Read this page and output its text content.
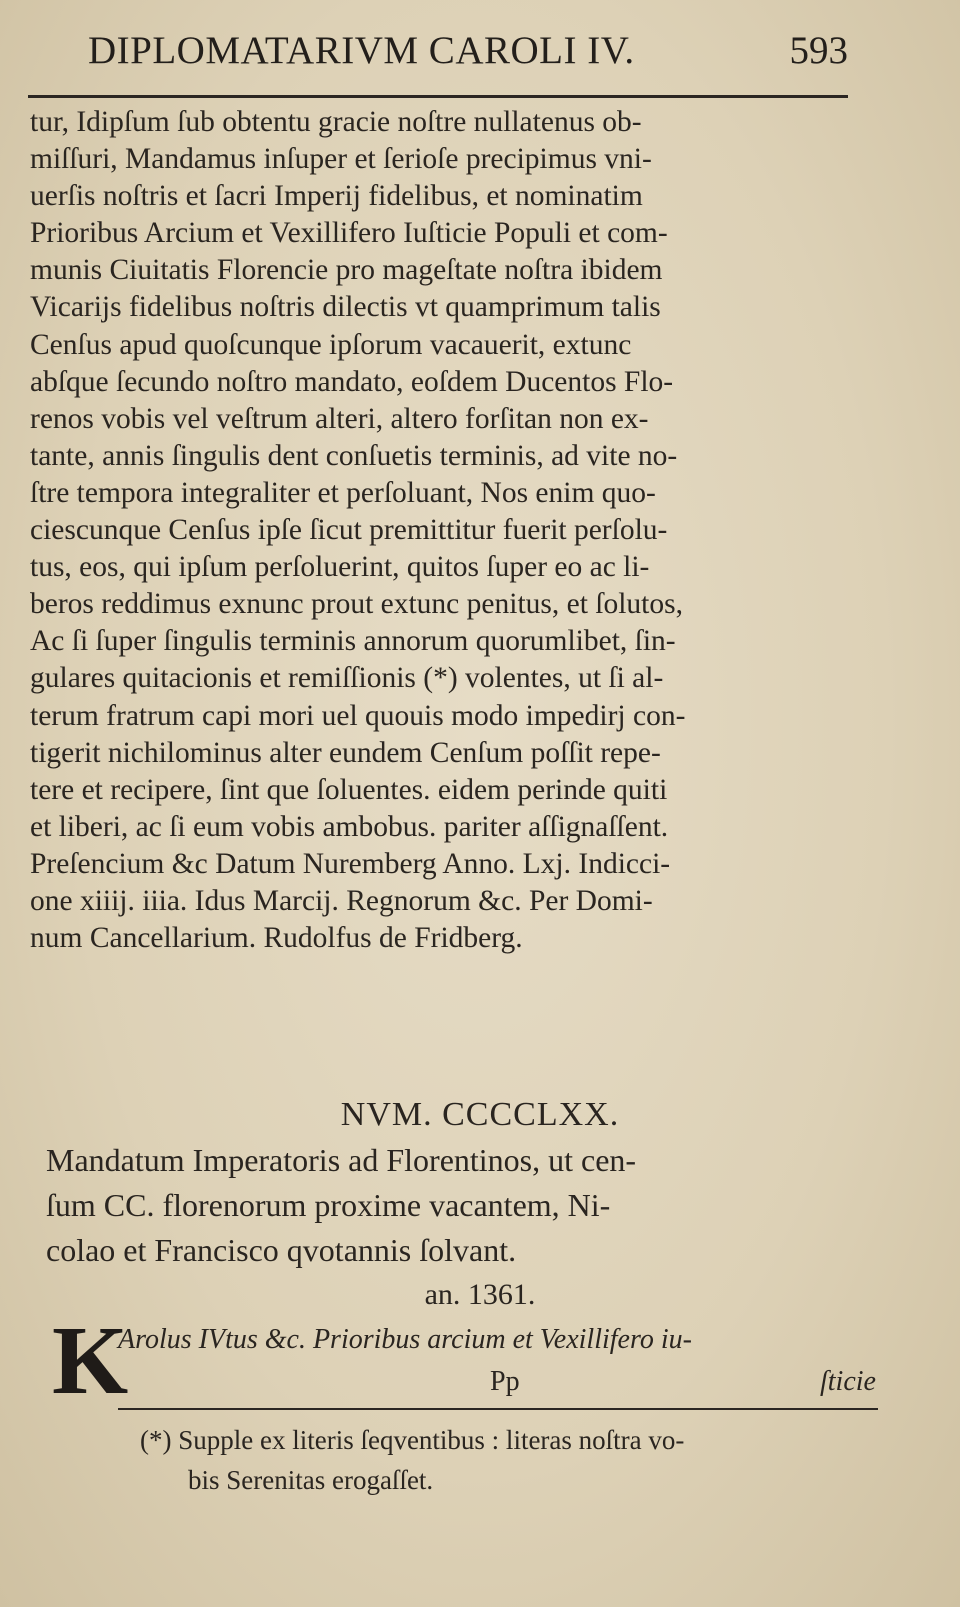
DIPLOMATARIVM CAROLI IV.	593
tur, Idipſum ſub obtentu gracie noſtre nullatenus ob-
miſſuri, Mandamus inſuper et ſerioſe precipimus vni-
uerſis noſtris et ſacri Imperij fidelibus, et nominatim
Prioribus Arcium et Vexillifero Iuſticie Populi et com-
munis Ciuitatis Florencie pro mageſtate noſtra ibidem
Vicarijs fidelibus noſtris dilectis vt quamprimum talis
Cenſus apud quoſcunque ipſorum vacauerit, extunc
abſque ſecundo noſtro mandato, eoſdem Ducentos Flo-
renos vobis vel veſtrum alteri, altero forſitan non ex-
tante, annis ſingulis dent conſuetis terminis, ad vite no-
ſtre tempora integraliter et perſoluant, Nos enim quo-
ciescunque Cenſus ipſe ſicut premittitur fuerit perſolu-
tus, eos, qui ipſum perſoluerint, quitos ſuper eo ac li-
beros reddimus exnunc prout extunc penitus, et ſolutos,
Ac ſi ſuper ſingulis terminis annorum quorumlibet, ſin-
gulares quitacionis et remiſſionis (*) volentes, ut ſi al-
terum fratrum capi mori uel quouis modo impedirj con-
tigerit nichilominus alter eundem Cenſum poſſit repe-
tere et recipere, ſint que ſoluentes. eidem perinde quiti
et liberi, ac ſi eum vobis ambobus. pariter aſſignaſſent.
Preſencium &c Datum Nuremberg Anno. Lxj. Indicci-
one xiiij. iiia. Idus Marcij. Regnorum &c. Per Domi-
num Cancellarium. Rudolfus de Fridberg.
NVM. CCCCLXX.
Mandatum Imperatoris ad Florentinos, ut cen-
ſum CC. florenorum proxime vacantem, Ni-
colao et Francisco qvotannis ſolvant.
an. 1361.
K
Arolus IVtus &c. Prioribus arcium et Vexillifero iu-
Pp	ſticie
(*) Supple ex literis ſeqventibus : literas noſtra vo-
bis Serenitas erogaſſet.
